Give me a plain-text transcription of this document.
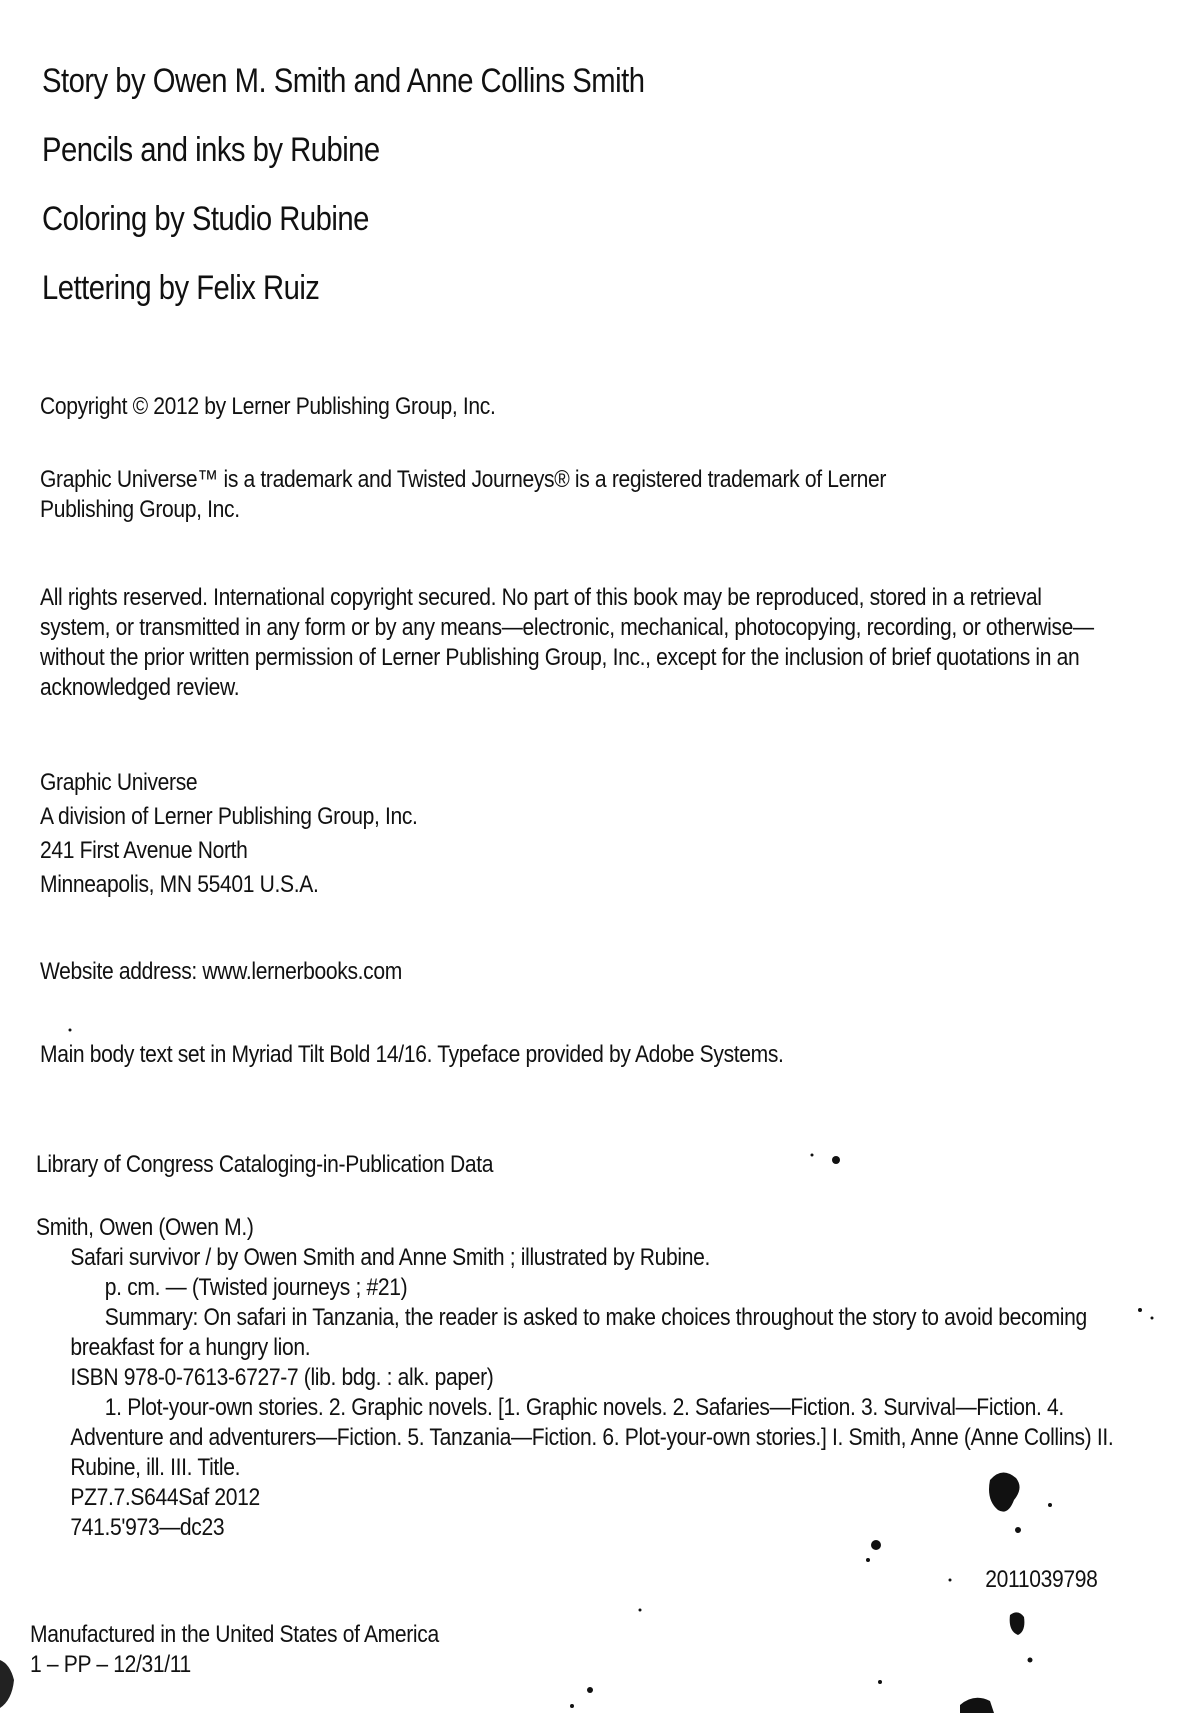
Story by Owen M. Smith and Anne Collins Smith
Pencils and inks by Rubine
Coloring by Studio Rubine
Lettering by Felix Ruiz

Copyright © 2012 by Lerner Publishing Group, Inc.

Graphic Universe™ is a trademark and Twisted Journeys® is a registered trademark of Lerner Publishing Group, Inc.

All rights reserved. International copyright secured. No part of this book may be reproduced, stored in a retrieval system, or transmitted in any form or by any means—electronic, mechanical, photocopying, recording, or otherwise—without the prior written permission of Lerner Publishing Group, Inc., except for the inclusion of brief quotations in an acknowledged review.

Graphic Universe
A division of Lerner Publishing Group, Inc.
241 First Avenue North
Minneapolis, MN 55401 U.S.A.

Website address: www.lernerbooks.com

Main body text set in Myriad Tilt Bold 14/16. Typeface provided by Adobe Systems.

Library of Congress Cataloging-in-Publication Data

Smith, Owen (Owen M.)

Safari survivor / by Owen Smith and Anne Smith ; illustrated by Rubine.

p. cm. — (Twisted journeys ; #21)

Summary: On safari in Tanzania, the reader is asked to make choices throughout the story to avoid becoming breakfast for a hungry lion.

ISBN 978-0-7613-6727-7 (lib. bdg. : alk. paper)

1. Plot-your-own stories. 2. Graphic novels. [1. Graphic novels. 2. Safaries—Fiction. 3. Survival—Fiction. 4. Adventure and adventurers—Fiction. 5. Tanzania—Fiction. 6. Plot-your-own stories.] I. Smith, Anne (Anne Collins) II. Rubine, ill. III. Title.

PZ7.7.S644Saf 2012

741.5'973—dc23

2011039798

Manufactured in the United States of America

1 – PP – 12/31/11
